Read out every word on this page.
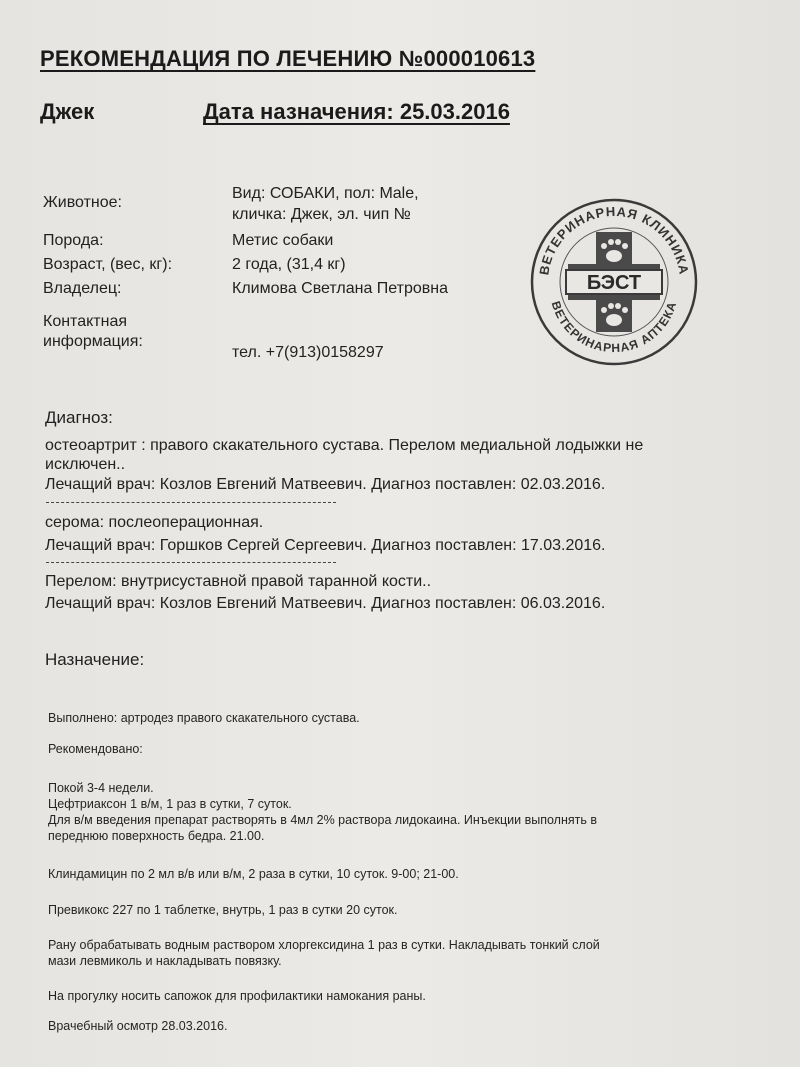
РЕКОМЕНДАЦИЯ ПО ЛЕЧЕНИЮ №000010613
Джек	Дата назначения: 25.03.2016
Животное:
Вид: СОБАКИ, пол: Male,
кличка: Джек, эл. чип №
Порода:	Метис собаки
Возраст, (вес, кг):	2 года, (31,4 кг)
Владелец:	Климова Светлана Петровна
Контактная
информация:
тел. +7(913)0158297
ВЕТЕРИНАРНАЯ КЛИНИКА
ВЕТЕРИНАРНАЯ АПТЕКА
БЭСТ
Диагноз:
остеоартрит : правого скакательного сустава. Перелом медиальной лодыжки не
исключен..
Лечащий врач: Козлов Евгений Матвеевич. Диагноз поставлен: 02.03.2016.
серома: послеоперационная.
Лечащий врач: Горшков Сергей Сергеевич. Диагноз поставлен: 17.03.2016.
Перелом: внутрисуставной правой таранной кости..
Лечащий врач: Козлов Евгений Матвеевич. Диагноз поставлен: 06.03.2016.
Назначение:
Выполнено: артродез правого скакательного сустава.
Рекомендовано:
Покой 3-4 недели.
Цефтриаксон 1 в/м, 1 раз в сутки, 7 суток.
Для в/м введения препарат растворять в 4мл 2% раствора лидокаина. Инъекции выполнять в
переднюю поверхность бедра. 21.00.
Клиндамицин по 2 мл в/в или в/м, 2 раза в сутки, 10 суток. 9-00; 21-00.
Превикокс 227 по 1 таблетке, внутрь, 1 раз в сутки 20 суток.
Рану обрабатывать водным раствором хлоргексидина 1 раз в сутки. Накладывать тонкий слой
мази левмиколь и накладывать повязку.
На прогулку носить сапожок для профилактики намокания раны.
Врачебный осмотр 28.03.2016.
